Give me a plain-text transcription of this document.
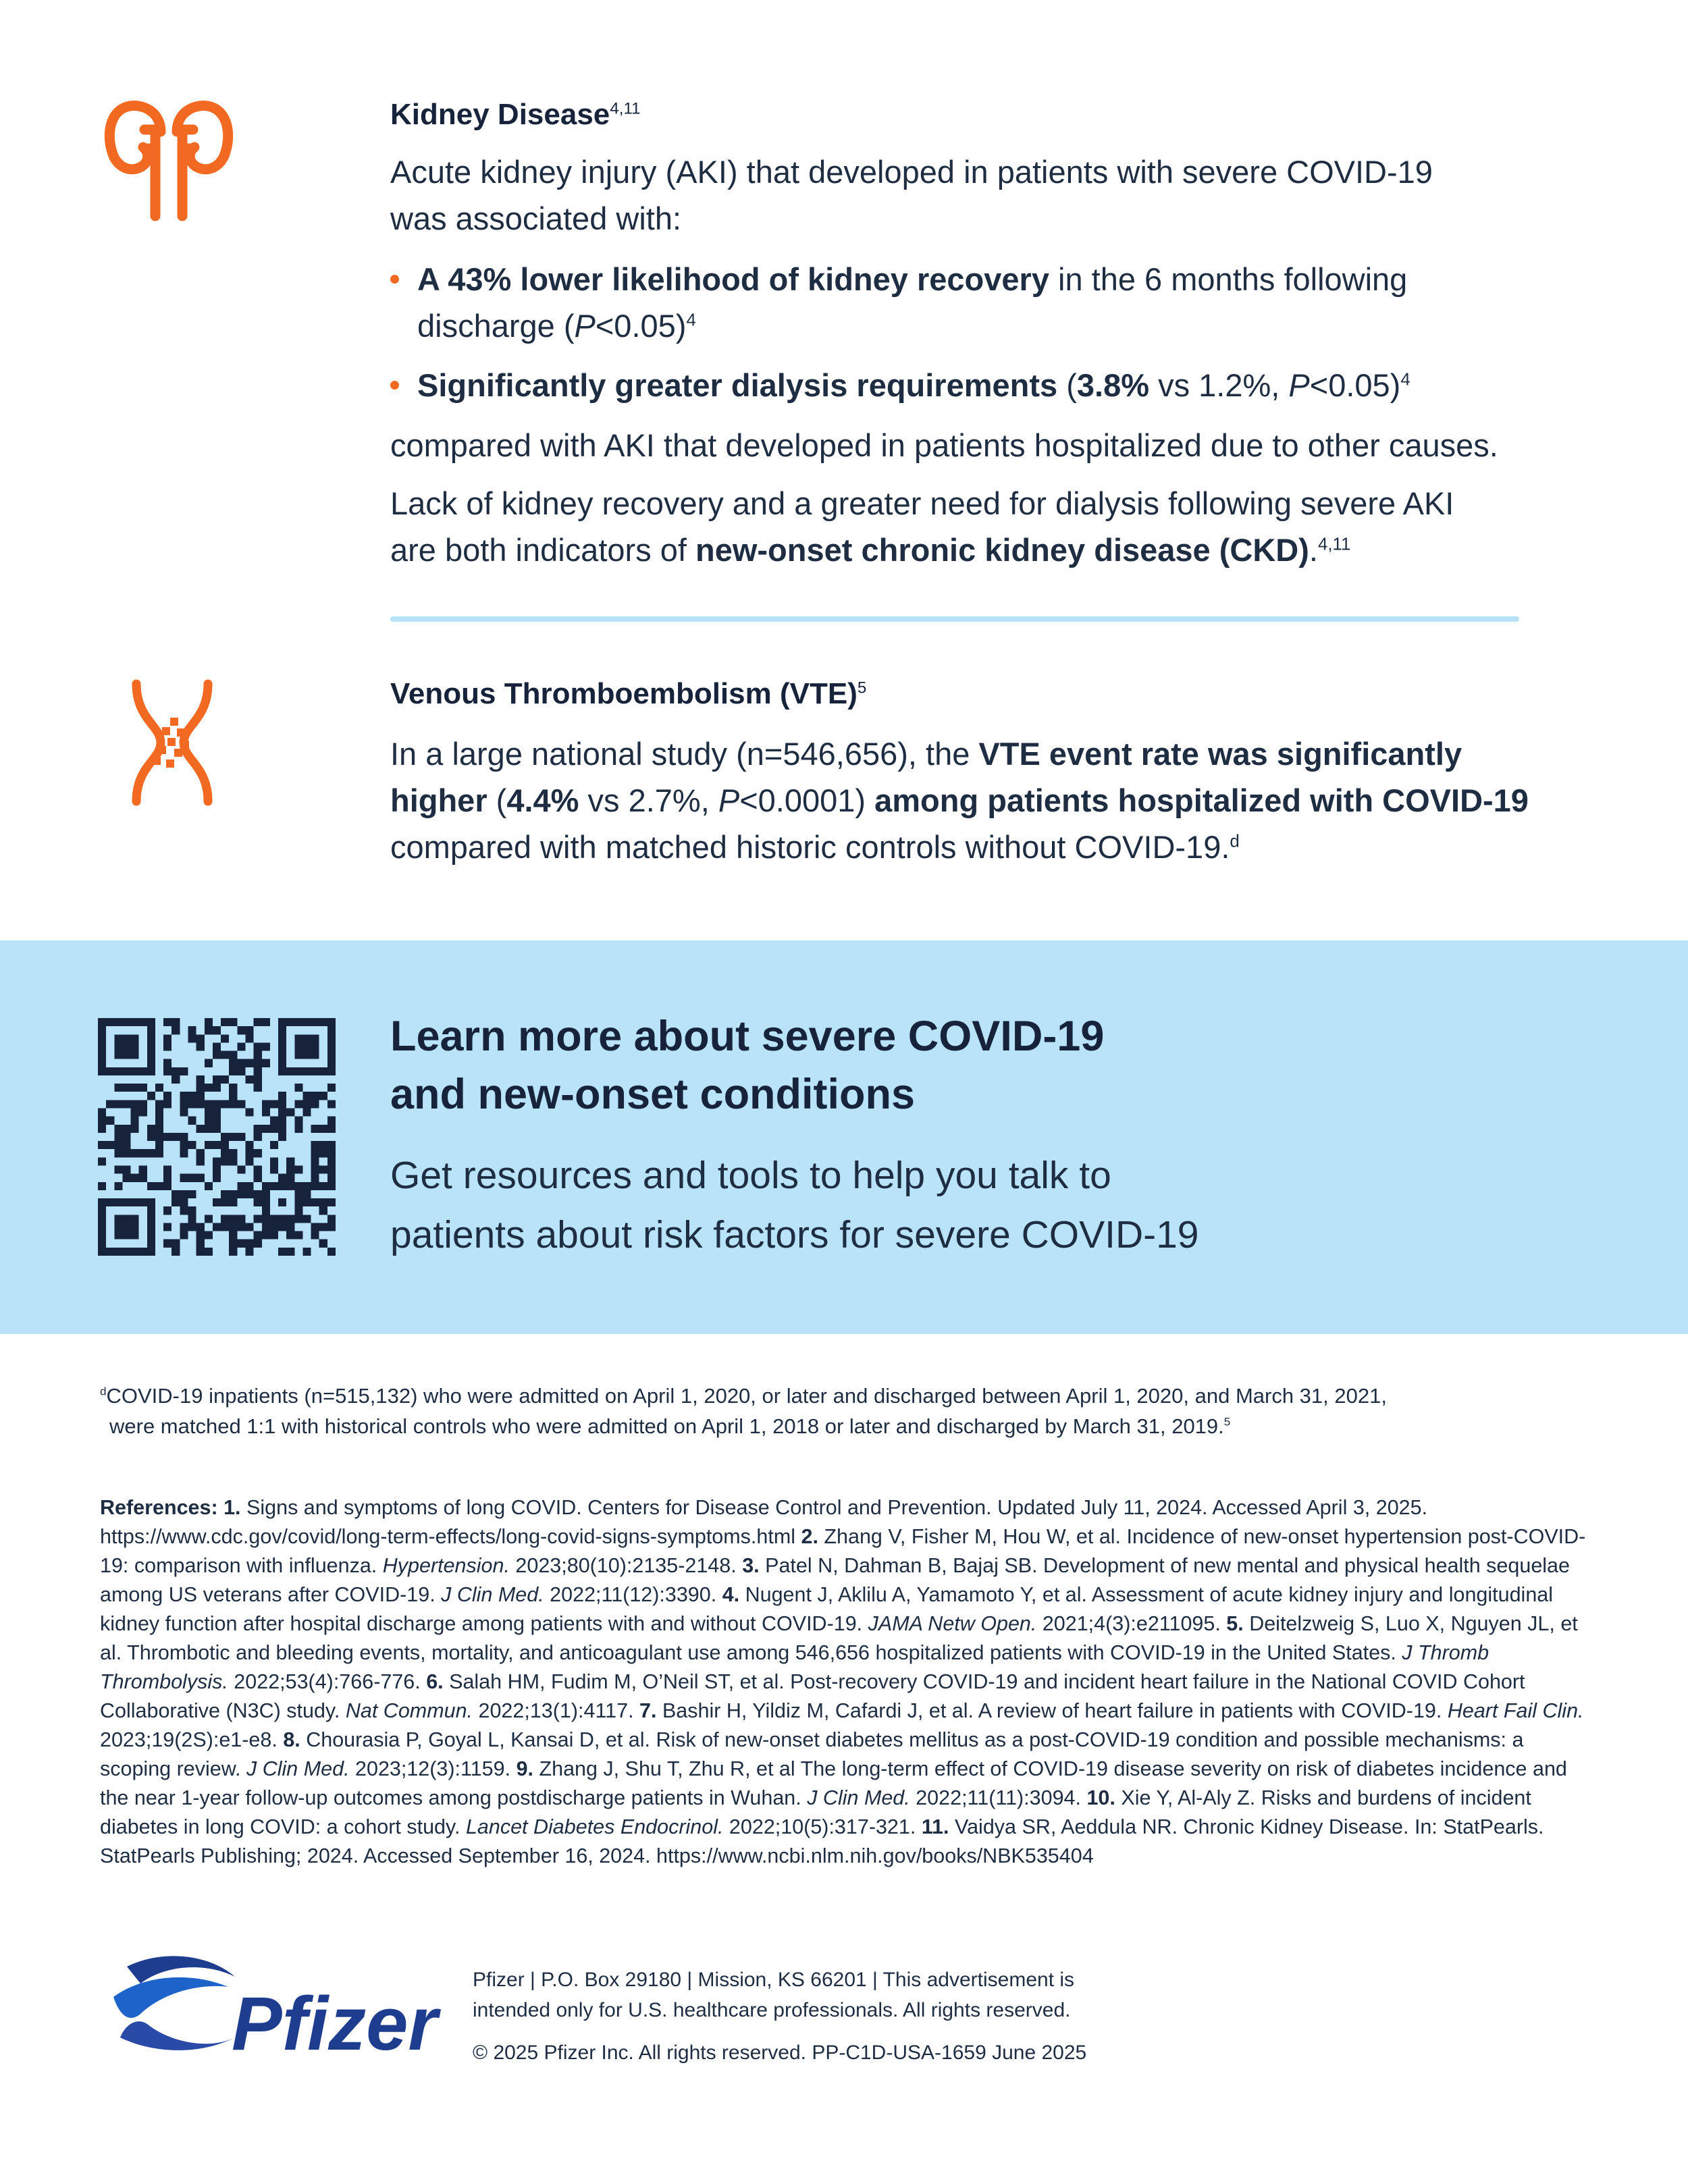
Kidney Disease$^{4,11}$
Acute kidney injury (AKI) that developed in patients with severe COVID-19 was associated with:
A 43% lower likelihood of kidney recovery in the 6 months following discharge (P<0.05)$^4$
Significantly greater dialysis requirements (3.8% vs 1.2%, P<0.05)$^4$
compared with AKI that developed in patients hospitalized due to other causes.
Lack of kidney recovery and a greater need for dialysis following severe AKI are both indicators of new-onset chronic kidney disease (CKD).$^{4,11}$
Venous Thromboembolism (VTE)$^5$
In a large national study (n=546,656), the VTE event rate was significantly higher (4.4% vs 2.7%, P<0.0001) among patients hospitalized with COVID-19 compared with matched historic controls without COVID-19.$^d$
Learn more about severe COVID-19
and new-onset conditions
Get resources and tools to help you talk to
patients about risk factors for severe COVID-19
$^d$COVID-19 inpatients (n=515,132) who were admitted on April 1, 2020, or later and discharged between April 1, 2020, and March 31, 2021,
were matched 1:1 with historical controls who were admitted on April 1, 2018 or later and discharged by March 31, 2019.$^5$
References: 1. Signs and symptoms of long COVID. Centers for Disease Control and Prevention. Updated July 11, 2024. Accessed April 3, 2025. https://www.cdc.gov/covid/long-term-effects/long-covid-signs-symptoms.html 2. Zhang V, Fisher M, Hou W, et al. Incidence of new-onset hypertension post-COVID-19: comparison with influenza. Hypertension. 2023;80(10):2135-2148. 3. Patel N, Dahman B, Bajaj SB. Development of new mental and physical health sequelae among US veterans after COVID-19. J Clin Med. 2022;11(12):3390. 4. Nugent J, Aklilu A, Yamamoto Y, et al. Assessment of acute kidney injury and longitudinal kidney function after hospital discharge among patients with and without COVID-19. JAMA Netw Open. 2021;4(3):e211095. 5. Deitelzweig S, Luo X, Nguyen JL, et al. Thrombotic and bleeding events, mortality, and anticoagulant use among 546,656 hospitalized patients with COVID-19 in the United States. J Thromb Thrombolysis. 2022;53(4):766-776. 6. Salah HM, Fudim M, O’Neil ST, et al. Post-recovery COVID-19 and incident heart failure in the National COVID Cohort Collaborative (N3C) study. Nat Commun. 2022;13(1):4117. 7. Bashir H, Yildiz M, Cafardi J, et al. A review of heart failure in patients with COVID-19. Heart Fail Clin. 2023;19(2S):e1-e8. 8. Chourasia P, Goyal L, Kansai D, et al. Risk of new-onset diabetes mellitus as a post-COVID-19 condition and possible mechanisms: a scoping review. J Clin Med. 2023;12(3):1159. 9. Zhang J, Shu T, Zhu R, et al The long-term effect of COVID-19 disease severity on risk of diabetes incidence and the near 1-year follow-up outcomes among postdischarge patients in Wuhan. J Clin Med. 2022;11(11):3094. 10. Xie Y, Al-Aly Z. Risks and burdens of incident diabetes in long COVID: a cohort study. Lancet Diabetes Endocrinol. 2022;10(5):317-321. 11. Vaidya SR, Aeddula NR. Chronic Kidney Disease. In: StatPearls. StatPearls Publishing; 2024. Accessed September 16, 2024. https://www.ncbi.nlm.nih.gov/books/NBK535404
Pfizer
Pfizer | P.O. Box 29180 | Mission, KS 66201 | This advertisement is
intended only for U.S. healthcare professionals. All rights reserved.
© 2025 Pfizer Inc. All rights reserved. PP-C1D-USA-1659 June 2025
